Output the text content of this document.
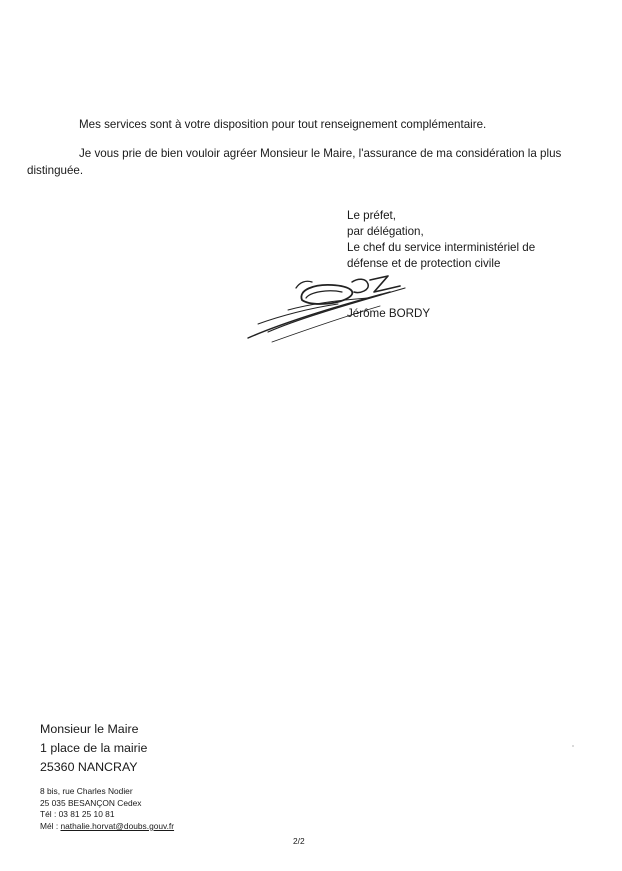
Mes services sont à votre disposition pour tout renseignement complémentaire.

Je vous prie de bien vouloir agréer Monsieur le Maire, l'assurance de ma considération la plus distinguée.

Le préfet,
par délégation,
Le chef du service interministériel de
défense et de protection civile
Jérôme BORDY
Monsieur le Maire
1 place de la mairie
25360 NANCRAY
8 bis, rue Charles Nodier
25 035 BESANÇON Cedex
Tél : 03 81 25 10 81
Mél : nathalie.horvat@doubs.gouv.fr
2/2
